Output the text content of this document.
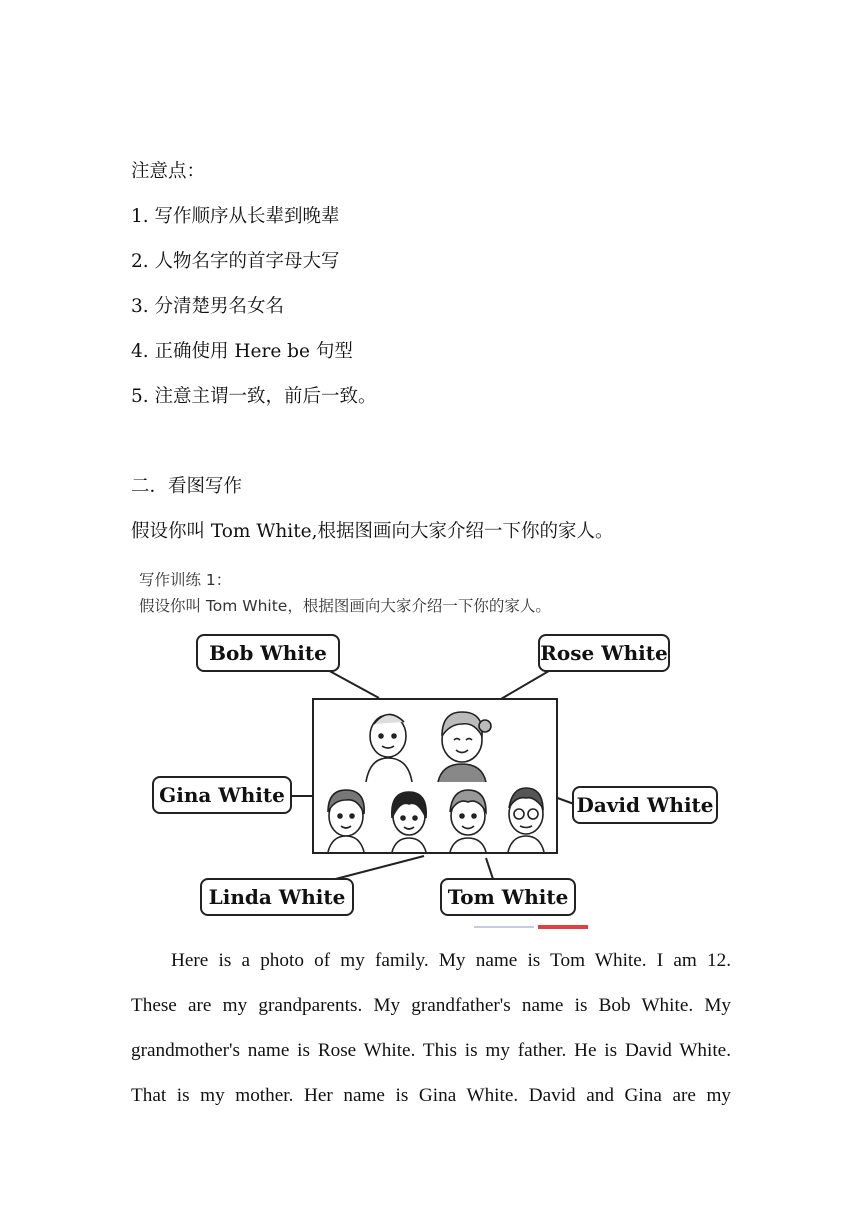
注意点：
1. 写作顺序从长辈到晚辈
2. 人物名字的首字母大写
3. 分清楚男名女名
4. 正确使用 Here be 句型
5. 注意主谓一致，前后一致。
二．看图写作
假设你叫 Tom White,根据图画向大家介绍一下你的家人。
写作训练 1：
假设你叫 Tom White，根据图画向大家介绍一下你的家人。
Bob White	Rose White
Gina White	David White
Linda White	Tom White
Here is a photo of my family. My name is Tom White. I am 12.
These are my grandparents. My grandfather's name is Bob White. My
grandmother's name is Rose White. This is my father. He is David White.
That is my mother. Her name is Gina White. David and Gina are my
